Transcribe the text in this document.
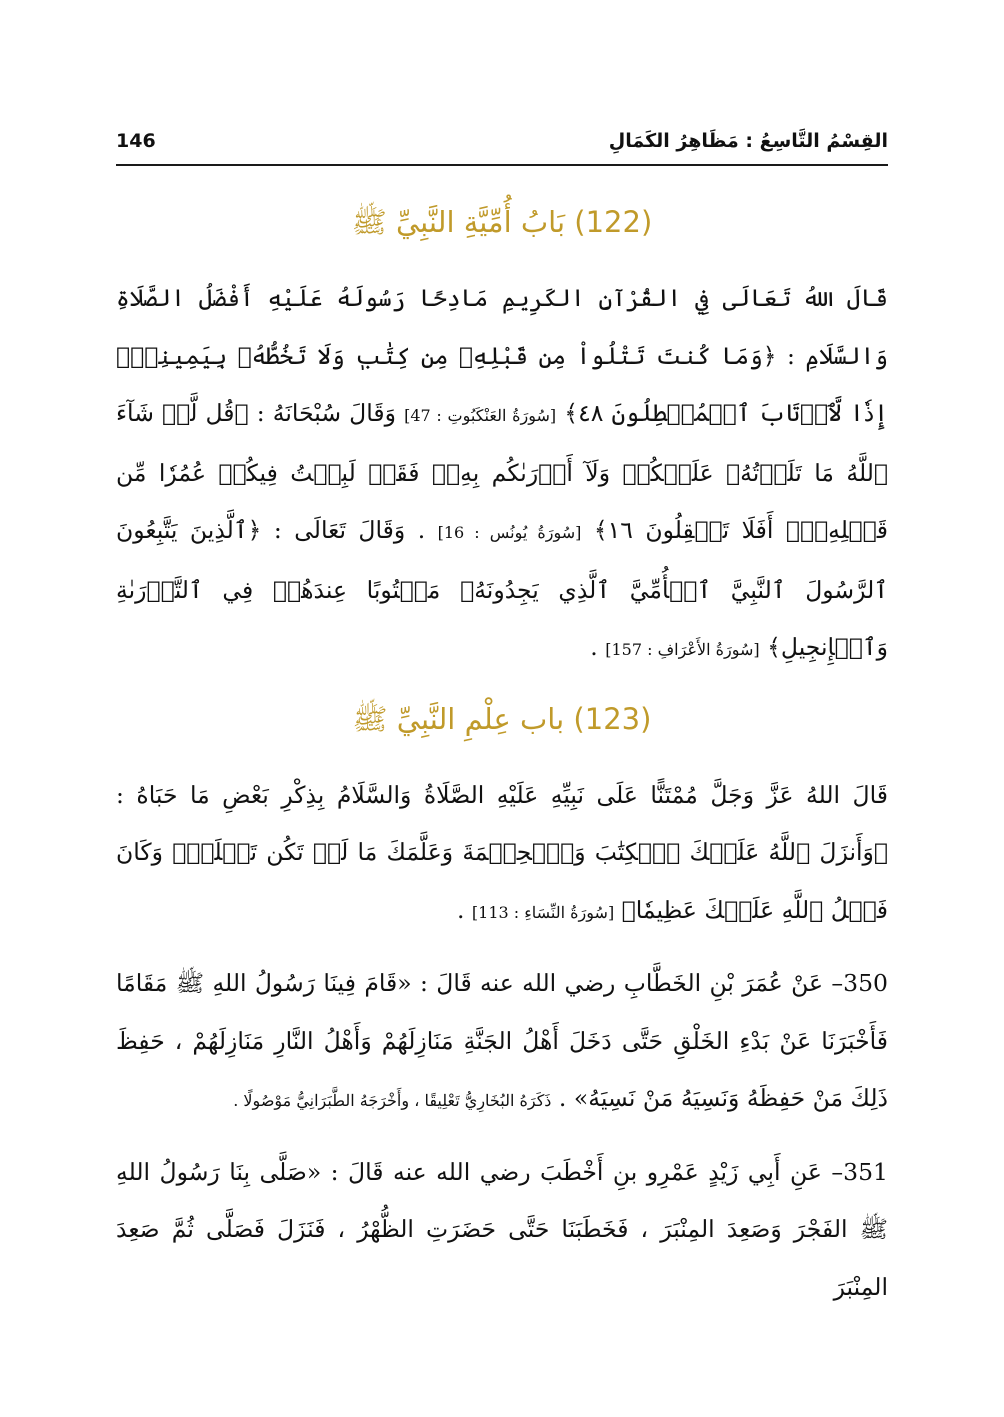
146	القِسْمُ التَّاسِعُ : مَظَاهِرُ الكَمَالِ
(122) بَابُ أُمِّيَّةِ النَّبِيِّ ﷺ

قَالَ اللهُ تَعَالَى فِي القُرْآنِ الكَرِيمِ مَادِحًا رَسُولَهُ عَلَيْهِ أَفْضَلُ الصَّلَاةِ وَالسَّلَامِ : ﴿وَمَا كُنتَ تَتْلُواْ مِن قَبْلِهِۦ مِن كِتَٰبٖ وَلَا تَخُطُّهُۥ بِيَمِينِكَۖ إِذٗا لَّٱرۡتَابَ ٱلۡمُبۡطِلُونَ ٤٨﴾ [سُورَةُ العَنْكَبُوتِ : 47] وَقَالَ سُبْحَانَهُ : ﴿قُل لَّوۡ شَآءَ ٱللَّهُ مَا تَلَوۡتُهُۥ عَلَيۡكُمۡ وَلَآ أَدۡرَىٰكُم بِهِۦۖ فَقَدۡ لَبِثۡتُ فِيكُمۡ عُمُرٗا مِّن قَبۡلِهِۦٓۚ أَفَلَا تَعۡقِلُونَ ١٦﴾ [سُورَةُ يُونُس : 16] . وَقَالَ تَعَالَى : ﴿ٱلَّذِينَ يَتَّبِعُونَ ٱلرَّسُولَ ٱلنَّبِيَّ ٱلۡأُمِّيَّ ٱلَّذِي يَجِدُونَهُۥ مَكۡتُوبًا عِندَهُمۡ فِي ٱلتَّوۡرَىٰةِ وَٱلۡإِنجِيلِ﴾ [سُورَةُ الأَعْرَافِ : 157] .

(123) باب عِلْمِ النَّبِيِّ ﷺ

قَالَ اللهُ عَزَّ وَجَلَّ مُمْتَنًّا عَلَى نَبِيِّهِ عَلَيْهِ الصَّلَاةُ وَالسَّلَامُ بِذِكْرِ بَعْضِ مَا حَبَاهُ : ﴿وَأَنزَلَ ٱللَّهُ عَلَيۡكَ ٱلۡكِتَٰبَ وَٱلۡحِكۡمَةَ وَعَلَّمَكَ مَا لَمۡ تَكُن تَعۡلَمُۚ وَكَانَ فَضۡلُ ٱللَّهِ عَلَيۡكَ عَظِيمٗا﴾ [سُورَةُ النِّسَاءِ : 113] .

350– عَنْ عُمَرَ بْنِ الخَطَّابِ رضي الله عنه قَالَ : «قَامَ فِينَا رَسُولُ اللهِ ﷺ مَقَامًا فَأَخْبَرَنَا عَنْ بَدْءِ الخَلْقِ حَتَّى دَخَلَ أَهْلُ الجَنَّةِ مَنَازِلَهُمْ وَأَهْلُ النَّارِ مَنَازِلَهُمْ ، حَفِظَ ذَلِكَ مَنْ حَفِظَهُ وَنَسِيَهُ مَنْ نَسِيَهُ» . ذَكَرَهُ البُخَارِيُّ تَعْلِيقًا ، وأَخْرَجَهُ الطَّبَرَانِيُّ مَوْصُولًا .

351– عَنِ أَبِي زَيْدٍ عَمْرِو بنِ أَخْطَبَ رضي الله عنه قَالَ : «صَلَّى بِنَا رَسُولُ اللهِ ﷺ الفَجْرَ وَصَعِدَ المِنْبَرَ ، فَخَطَبَنَا حَتَّى حَضَرَتِ الظُّهْرُ ، فَنَزَلَ فَصَلَّى ثُمَّ صَعِدَ المِنْبَرَ
